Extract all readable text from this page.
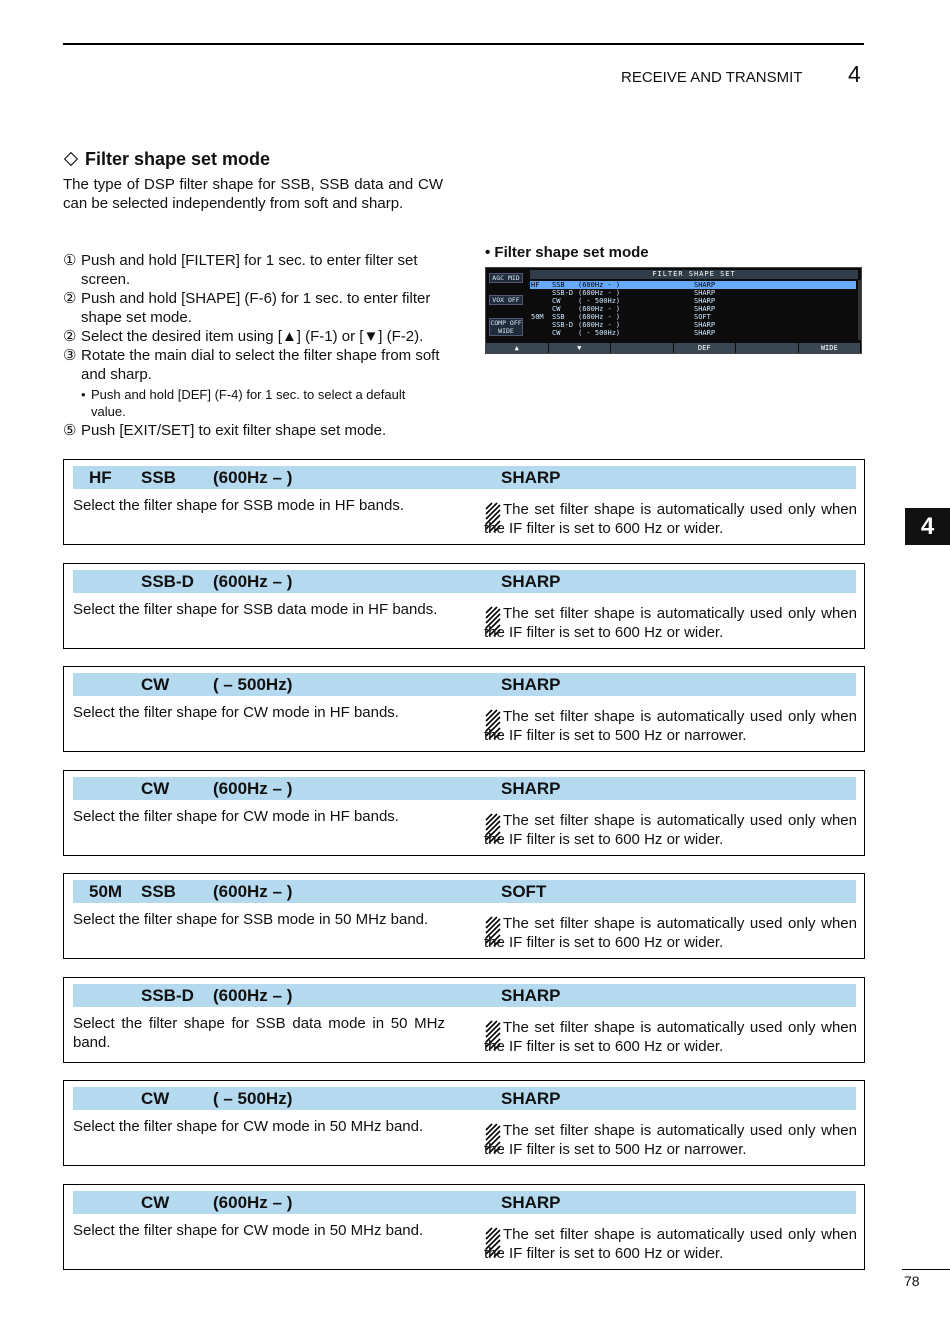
RECEIVE AND TRANSMIT 4
Filter shape set mode

The type of DSP filter shape for SSB, SSB data and CW can be selected independently from soft and sharp.

① Push and hold [FILTER] for 1 sec. to enter filter set screen.
② Push and hold [SHAPE] (F-6) for 1 sec. to enter filter shape set mode.
② Select the desired item using [▲] (F-1) or [▼] (F-2).
③ Rotate the main dial to select the filter shape from soft and sharp.
• Push and hold [DEF] (F-4) for 1 sec. to select a default value.
⑤ Push [EXIT/SET] to exit filter shape set mode.
• Filter shape set mode
AGC MID
VOX OFF
COMP OFF WIDE
FILTER SHAPE SET
HF	SSB	(600Hz - )	SHARP
SSB-D (600Hz - )	SHARP
CW	( - 500Hz)	SHARP
CW	(600Hz - )	SHARP
50M	SSB	(600Hz - )	SOFT
SSB-D (600Hz - )	SHARP
CW	( - 500Hz)	SHARP
▲	▼	DEF	WIDE
HF SSB (600Hz – )	SHARP

Select the filter shape for SSB mode in HF bands.	The set filter shape is automatically used only when the IF filter is set to 600 Hz or wider.

SSB-D (600Hz – )	SHARP

Select the filter shape for SSB data mode in HF bands.	The set filter shape is automatically used only when the IF filter is set to 600 Hz or wider.

CW	( – 500Hz)	SHARP

Select the filter shape for CW mode in HF bands.	The set filter shape is automatically used only when the IF filter is set to 500 Hz or narrower.

CW	(600Hz – )	SHARP

Select the filter shape for CW mode in HF bands.	The set filter shape is automatically used only when the IF filter is set to 600 Hz or wider.

50M SSB (600Hz – )	SOFT

Select the filter shape for SSB mode in 50 MHz band.	The set filter shape is automatically used only when the IF filter is set to 600 Hz or wider.

SSB-D (600Hz – )	SHARP

Select the filter shape for SSB data mode in 50 MHz band.

The set filter shape is automatically used only when the IF filter is set to 600 Hz or wider.

CW	( – 500Hz)	SHARP

Select the filter shape for CW mode in 50 MHz band.	The set filter shape is automatically used only when the IF filter is set to 500 Hz or narrower.

CW	(600Hz – )	SHARP

Select the filter shape for CW mode in 50 MHz band.	The set filter shape is automatically used only when the IF filter is set to 600 Hz or wider.

4
78
